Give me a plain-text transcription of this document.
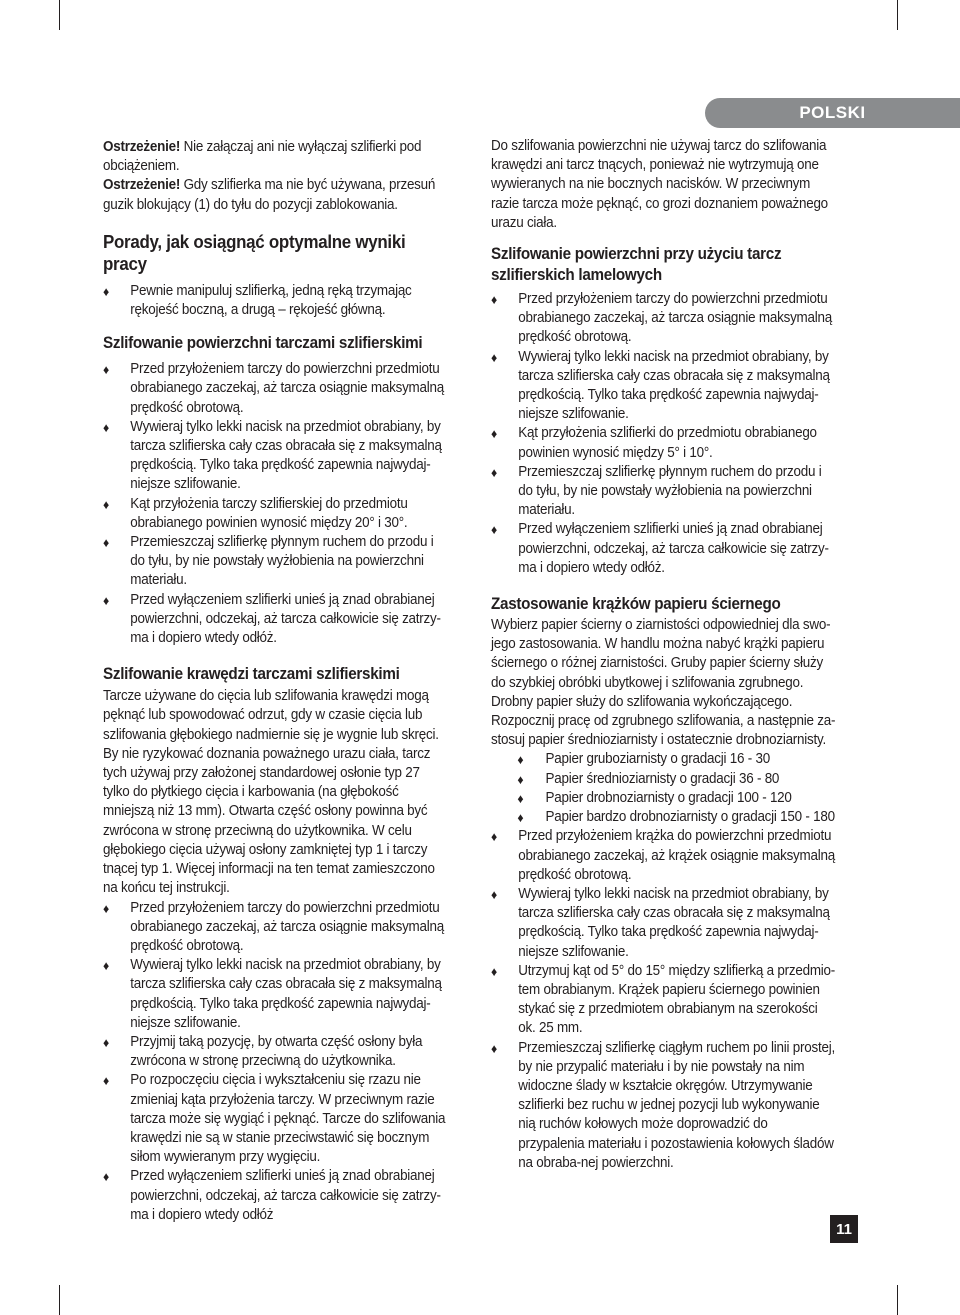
POLSKI

Ostrzeżenie! Nie załączaj ani nie wyłączaj szlifierki pod obciążeniem.

Ostrzeżenie! Gdy szlifierka ma nie być używana, przesuń guzik blokujący (1) do tyłu do pozycji zablokowania.

Porady, jak osiągnąć optymalne wyniki pracy
♦ Pewnie manipuluj szlifierką, jedną ręką trzymając rękojeść boczną, a drugą – rękojeść główną.
Szlifowanie powierzchni tarczami szlifierskimi
♦ Przed przyłożeniem tarczy do powierzchni przedmiotu obrabianego zaczekaj, aż tarcza osiągnie maksymalną prędkość obrotową.
♦ Wywieraj tylko lekki nacisk na przedmiot obrabiany, by tarcza szlifierska cały czas obracała się z maksymalną prędkością. Tylko taka prędkość zapewnia najwydaj-niejsze szlifowanie.
♦ Kąt przyłożenia tarczy szlifierskiej do przedmiotu obrabianego powinien wynosić między 20° i 30°.
♦ Przemieszczaj szlifierkę płynnym ruchem do przodu i do tyłu, by nie powstały wyżłobienia na powierzchni materiału.
♦ Przed wyłączeniem szlifierki unieś ją znad obrabianej powierzchni, odczekaj, aż tarcza całkowicie się zatrzy-ma i dopiero wtedy odłóż.
Szlifowanie krawędzi tarczami szlifierskimi

Tarcze używane do cięcia lub szlifowania krawędzi mogą pęknąć lub spowodować odrzut, gdy w czasie cięcia lub szlifowania głębokiego nadmiernie się je wygnie lub skręci. By nie ryzykować doznania poważnego urazu ciała, tarcz tych używaj przy założonej standardowej osłonie typ 27 tylko do płytkiego cięcia i karbowania (na głębokość mniejszą niż 13 mm). Otwarta część osłony powinna być zwrócona w stronę przeciwną do użytkownika. W celu głębokiego cięcia używaj osłony zamkniętej typ 1 i tarczy tnącej typ 1. Więcej informacji na ten temat zamieszczono na końcu tej instrukcji.

♦ Przed przyłożeniem tarczy do powierzchni przedmiotu obrabianego zaczekaj, aż tarcza osiągnie maksymalną prędkość obrotową.
♦ Wywieraj tylko lekki nacisk na przedmiot obrabiany, by tarcza szlifierska cały czas obracała się z maksymalną prędkością. Tylko taka prędkość zapewnia najwydaj-niejsze szlifowanie.
♦ Przyjmij taką pozycję, by otwarta część osłony była zwrócona w stronę przeciwną do użytkownika.
♦ Po rozpoczęciu cięcia i wykształceniu się rzazu nie zmieniaj kąta przyłożenia tarczy. W przeciwnym razie tarcza może się wygiąć i pęknąć. Tarcze do szlifowania krawędzi nie są w stanie przeciwstawić się bocznym siłom wywieranym przy wygięciu.
♦ Przed wyłączeniem szlifierki unieś ją znad obrabianej powierzchni, odczekaj, aż tarcza całkowicie się zatrzy-ma i dopiero wtedy odłóż

Do szlifowania powierzchni nie używaj tarcz do szlifowania krawędzi ani tarcz tnących, ponieważ nie wytrzymują one wywieranych na nie bocznych nacisków. W przeciwnym razie tarcza może pęknąć, co grozi doznaniem poważnego urazu ciała.

Szlifowanie powierzchni przy użyciu tarcz szlifierskich lamelowych
♦ Przed przyłożeniem tarczy do powierzchni przedmiotu obrabianego zaczekaj, aż tarcza osiągnie maksymalną prędkość obrotową.
♦ Wywieraj tylko lekki nacisk na przedmiot obrabiany, by tarcza szlifierska cały czas obracała się z maksymalną prędkością. Tylko taka prędkość zapewnia najwydaj-niejsze szlifowanie.
♦ Kąt przyłożenia szlifierki do przedmiotu obrabianego powinien wynosić między 5° i 10°.
♦ Przemieszczaj szlifierkę płynnym ruchem do przodu i do tyłu, by nie powstały wyżłobienia na powierzchni materiału.
♦ Przed wyłączeniem szlifierki unieś ją znad obrabianej powierzchni, odczekaj, aż tarcza całkowicie się zatrzy-ma i dopiero wtedy odłóż.
Zastosowanie krążków papieru ściernego

Wybierz papier ścierny o ziarnistości odpowiedniej dla swo-jego zastosowania. W handlu można nabyć krążki papieru ściernego o różnej ziarnistości. Gruby papier ścierny służy do szybkiej obróbki ubytkowej i szlifowania zgrubnego. Drobny papier służy do szlifowania wykończającego. Rozpocznij pracę od zgrubnego szlifowania, a następnie za-stosuj papier średnioziarnisty i ostatecznie drobnoziarnisty.

♦ Papier gruboziarnisty o gradacji 16 - 30
♦ Papier średnioziarnisty o gradacji 36 - 80
♦ Papier drobnoziarnisty o gradacji 100 - 120
♦ Papier bardzo drobnoziarnisty o gradacji 150 - 180
♦ Przed przyłożeniem krążka do powierzchni przedmiotu obrabianego zaczekaj, aż krążek osiągnie maksymalną prędkość obrotową.
♦ Wywieraj tylko lekki nacisk na przedmiot obrabiany, by tarcza szlifierska cały czas obracała się z maksymalną prędkością. Tylko taka prędkość zapewnia najwydaj-niejsze szlifowanie.
♦ Utrzymuj kąt od 5° do 15° między szlifierką a przedmio-tem obrabianym. Krążek papieru ściernego powinien stykać się z przedmiotem obrabianym na szerokości ok. 25 mm.
♦ Przemieszczaj szlifierkę ciągłym ruchem po linii prostej, by nie przypalić materiału i by nie powstały na nim widoczne ślady w kształcie okręgów. Utrzymywanie szlifierki bez ruchu w jednej pozycji lub wykonywanie nią ruchów kołowych może doprowadzić do przypalenia materiału i pozostawienia kołowych śladów na obraba-nej powierzchni.
11
